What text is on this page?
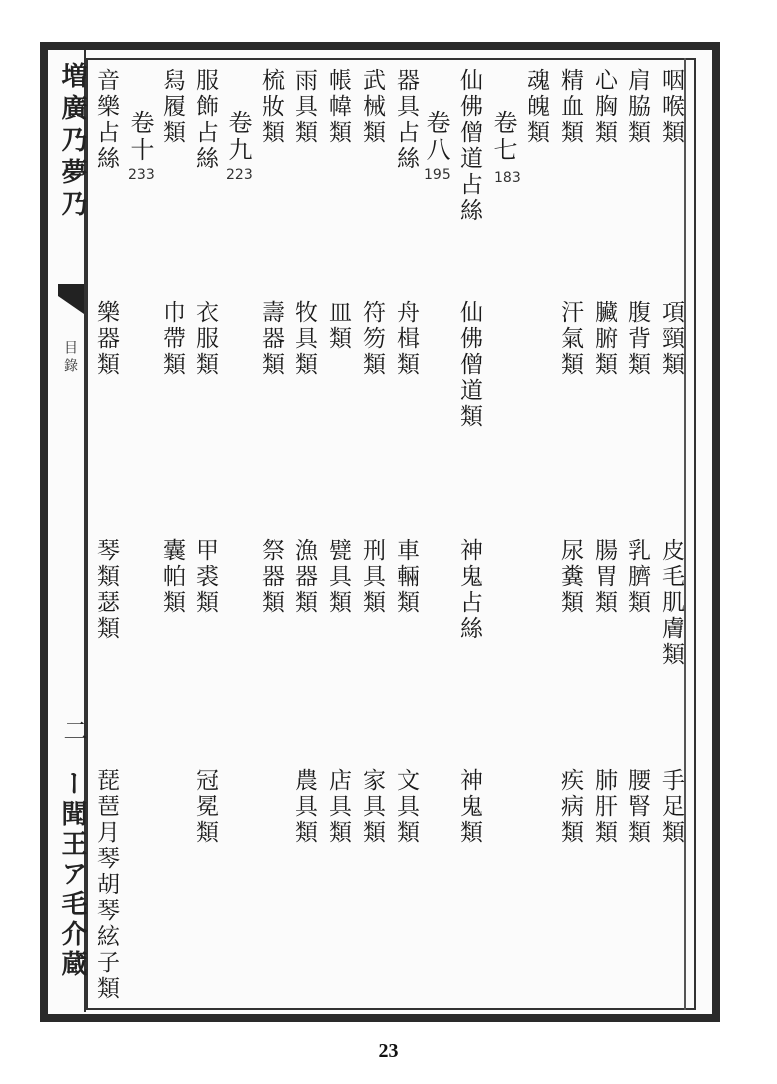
増廣乃夢乃
目錄
二
ー聞王ア毛介蔵
咽喉類
項頸類
皮毛肌膚類
手足類
肩脇類
腹背類
乳臍類
腰腎類
心胸類
臟腑類
腸胃類
肺肝類
精血類
汗氣類
尿糞類
疾病類
魂魄類
卷七
183
仙佛僧道占絲
仙佛僧道類
神鬼占絲
神鬼類
卷八
195
器具占絲
舟楫類
車輛類
文具類
武械類
符笏類
刑具類
家具類
帳幃類
皿類
甓具類
店具類
雨具類
牧具類
漁器類
農具類
梳妝類
壽器類
祭器類
卷九
223
服飾占絲
衣服類
甲裘類
冠冕類
舄履類
巾帶類
囊帕類
卷十
233
音樂占絲
樂器類
琴類瑟類
琵琶月琴胡琴絃子類
23
